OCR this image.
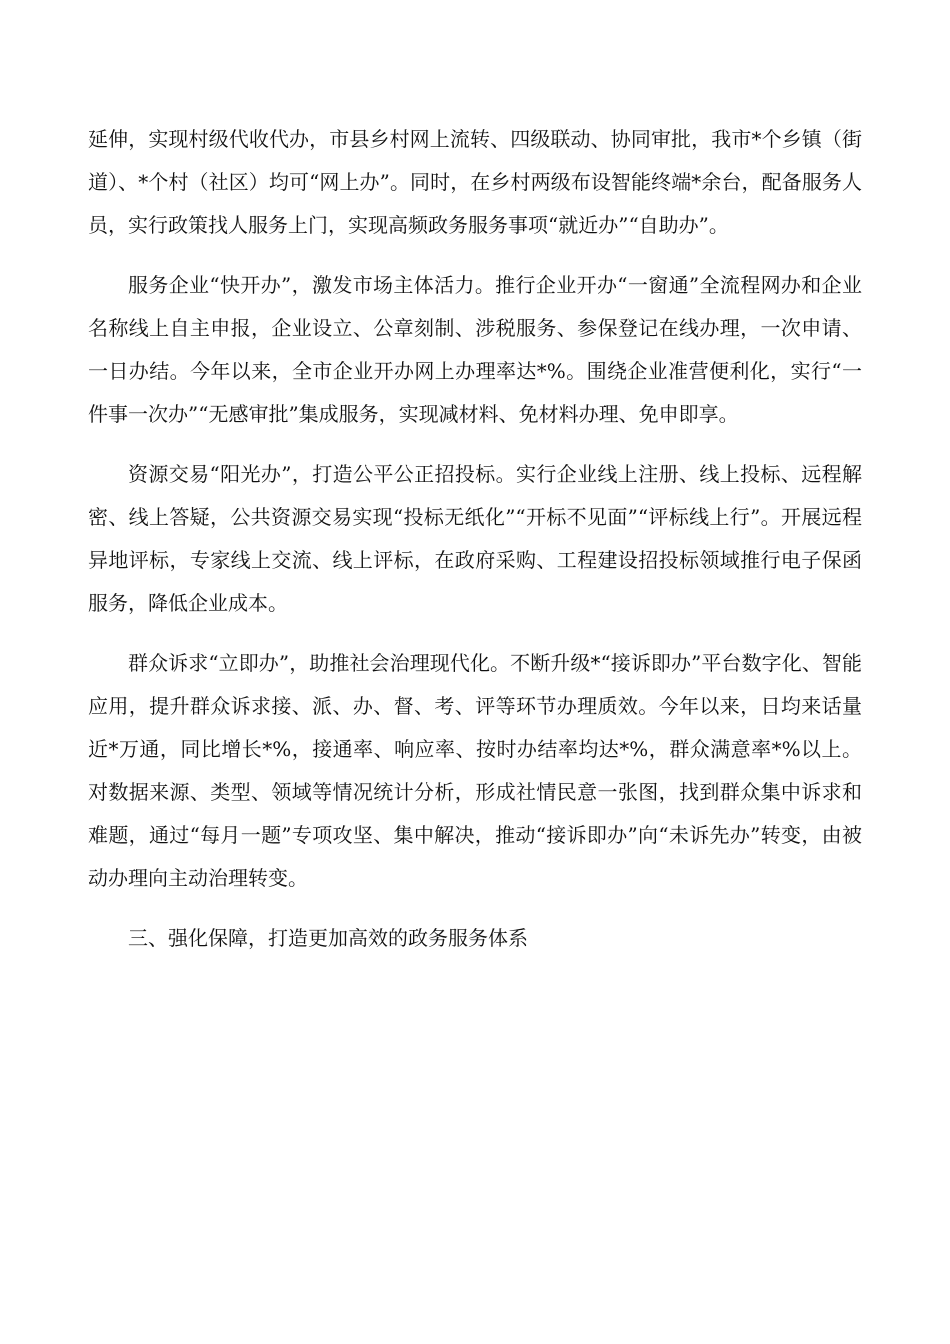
延伸，实现村级代收代办，市县乡村网上流转、四级联动、协同审批，我市*个乡镇（街道）、*个村（社区）均可“网上办”。同时，在乡村两级布设智能终端*余台，配备服务人员，实行政策找人服务上门，实现高频政务服务事项“就近办”“自助办”。

服务企业“快开办”，激发市场主体活力。推行企业开办“一窗通”全流程网办和企业名称线上自主申报，企业设立、公章刻制、涉税服务、参保登记在线办理，一次申请、一日办结。今年以来，全市企业开办网上办理率达*%。围绕企业准营便利化，实行“一件事一次办”“无感审批”集成服务，实现减材料、免材料办理、免申即享。

资源交易“阳光办”，打造公平公正招投标。实行企业线上注册、线上投标、远程解密、线上答疑，公共资源交易实现“投标无纸化”“开标不见面”“评标线上行”。开展远程异地评标，专家线上交流、线上评标，在政府采购、工程建设招投标领域推行电子保函服务，降低企业成本。

群众诉求“立即办”，助推社会治理现代化。不断升级*“接诉即办”平台数字化、智能应用，提升群众诉求接、派、办、督、考、评等环节办理质效。今年以来，日均来话量近*万通，同比增长*%，接通率、响应率、按时办结率均达*%，群众满意率*%以上。对数据来源、类型、领域等情况统计分析，形成社情民意一张图，找到群众集中诉求和难题，通过“每月一题”专项攻坚、集中解决，推动“接诉即办”向“未诉先办”转变，由被动办理向主动治理转变。

三、强化保障，打造更加高效的政务服务体系
